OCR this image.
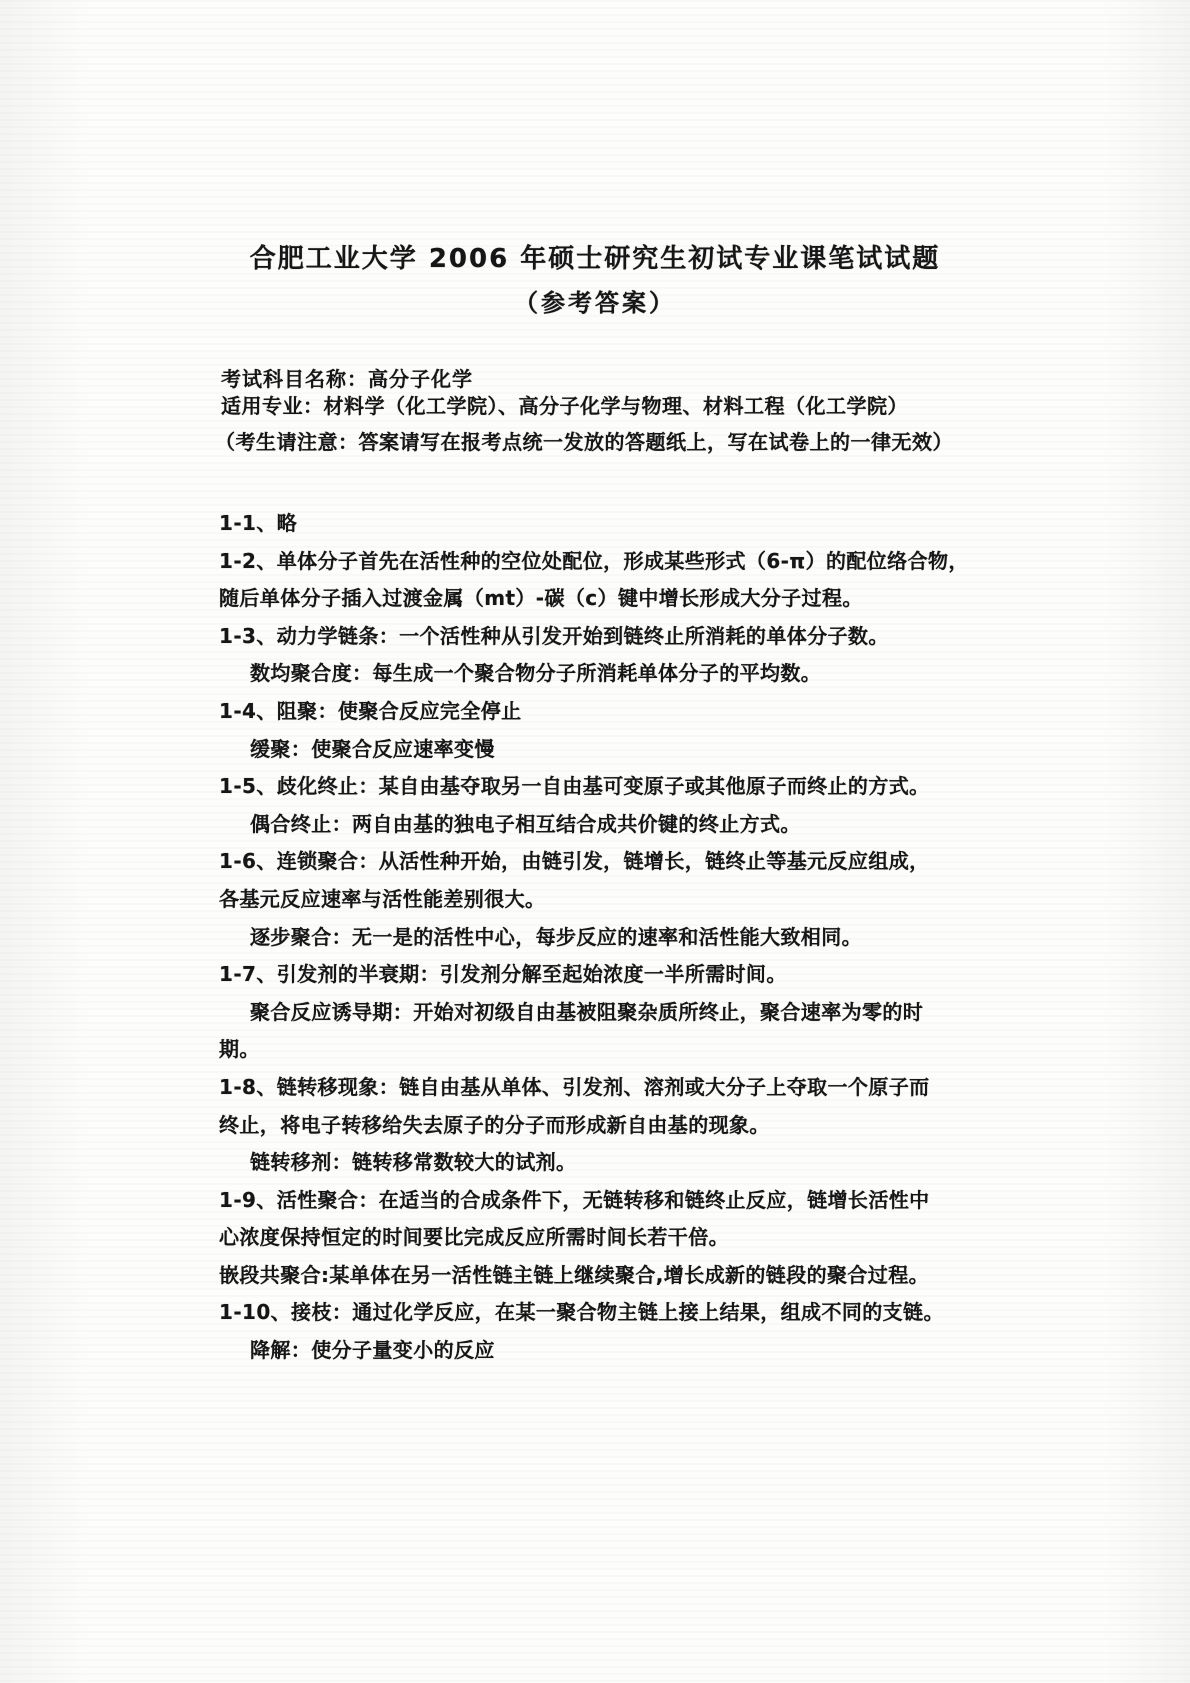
合肥工业大学 2006 年硕士研究生初试专业课笔试试题
（参考答案）
考试科目名称：高分子化学
适用专业：材料学（化工学院）、高分子化学与物理、材料工程（化工学院）
（考生请注意：答案请写在报考点统一发放的答题纸上，写在试卷上的一律无效）
1-1、略
1-2、单体分子首先在活性种的空位处配位，形成某些形式（6-π）的配位络合物，
随后单体分子插入过渡金属（mt）-碳（c）键中增长形成大分子过程。
1-3、动力学链条：一个活性种从引发开始到链终止所消耗的单体分子数。
数均聚合度：每生成一个聚合物分子所消耗单体分子的平均数。
1-4、阻聚：使聚合反应完全停止
缓聚：使聚合反应速率变慢
1-5、歧化终止：某自由基夺取另一自由基可变原子或其他原子而终止的方式。
偶合终止：两自由基的独电子相互结合成共价键的终止方式。
1-6、连锁聚合：从活性种开始，由链引发，链增长，链终止等基元反应组成，
各基元反应速率与活性能差别很大。
逐步聚合：无一是的活性中心，每步反应的速率和活性能大致相同。
1-7、引发剂的半衰期：引发剂分解至起始浓度一半所需时间。
聚合反应诱导期：开始对初级自由基被阻聚杂质所终止，聚合速率为零的时
期。
1-8、链转移现象：链自由基从单体、引发剂、溶剂或大分子上夺取一个原子而
终止，将电子转移给失去原子的分子而形成新自由基的现象。
链转移剂：链转移常数较大的试剂。
1-9、活性聚合：在适当的合成条件下，无链转移和链终止反应，链增长活性中
心浓度保持恒定的时间要比完成反应所需时间长若干倍。
嵌段共聚合:某单体在另一活性链主链上继续聚合,增长成新的链段的聚合过程。
1-10、接枝：通过化学反应，在某一聚合物主链上接上结果，组成不同的支链。
降解：使分子量变小的反应
